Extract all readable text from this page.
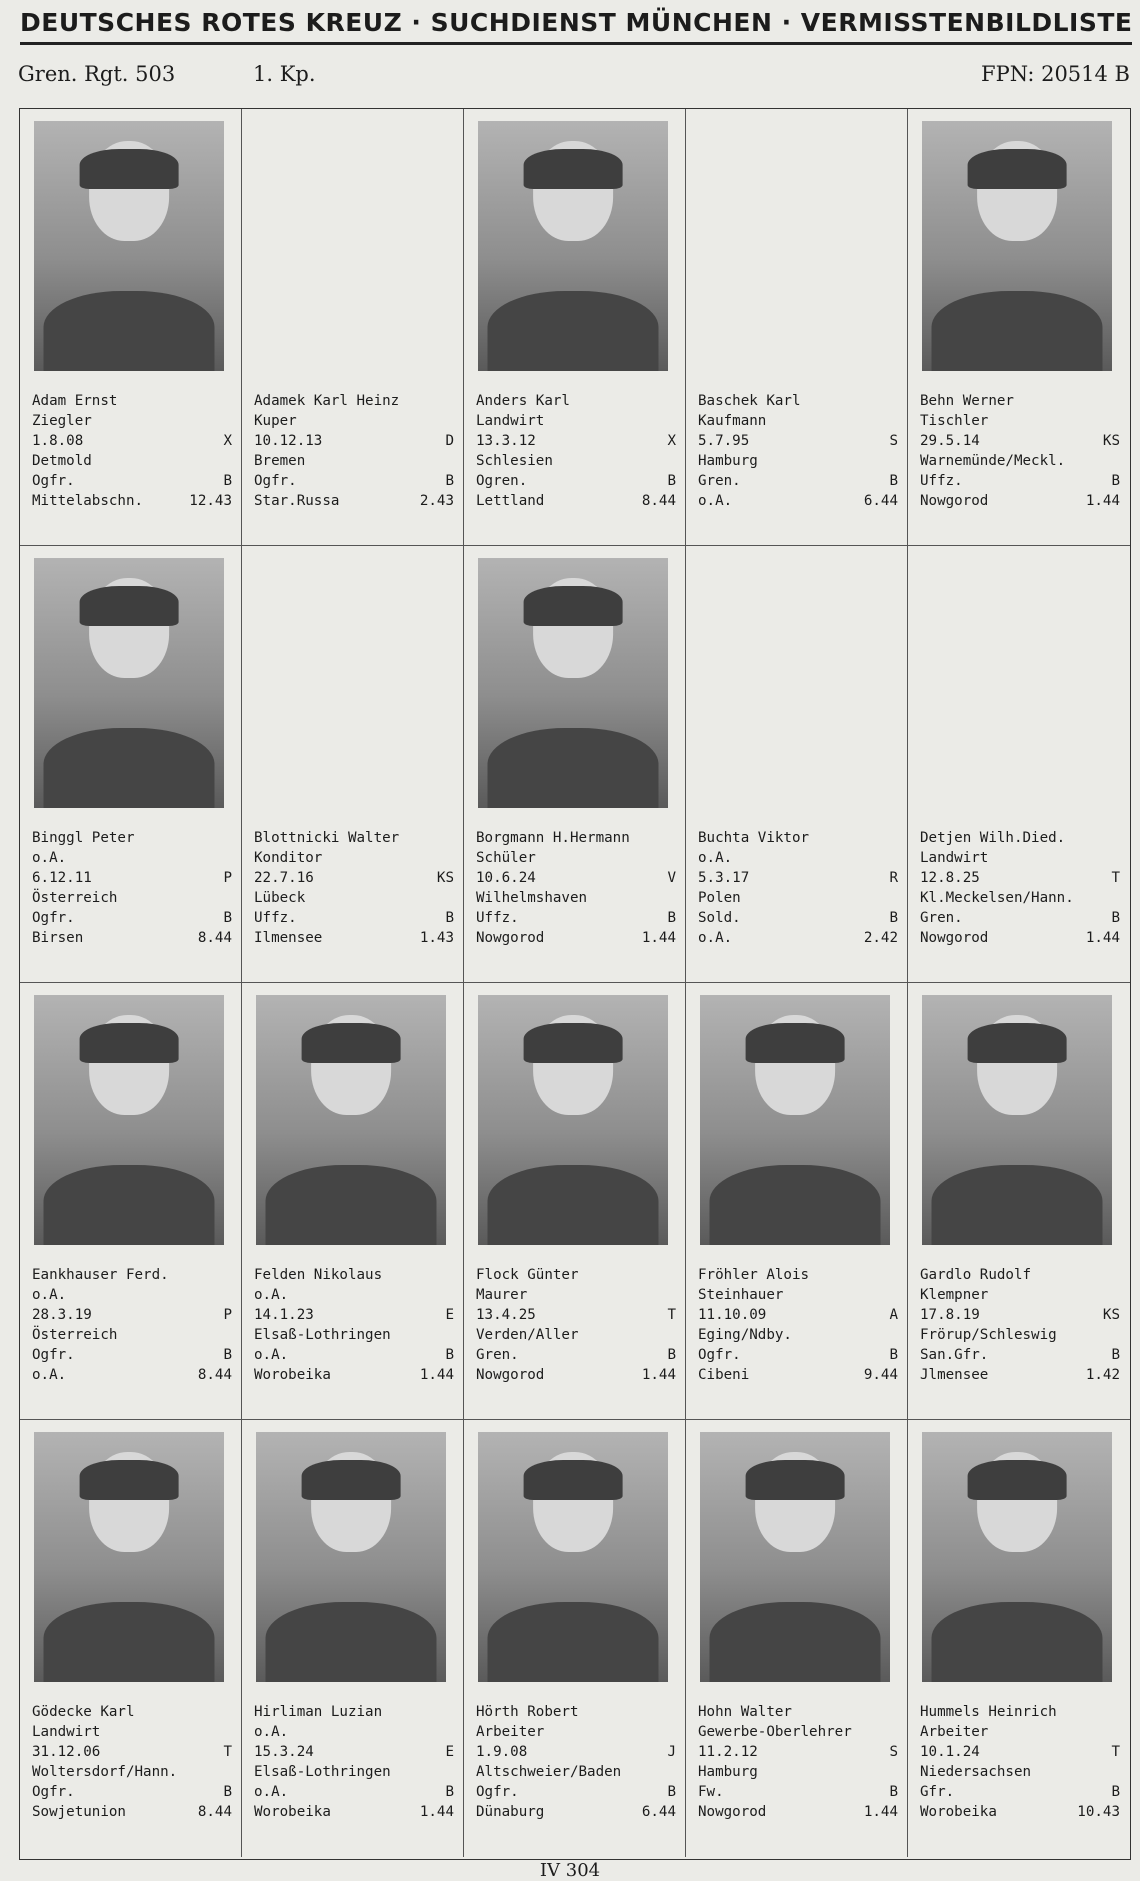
DEUTSCHES ROTES KREUZ · SUCHDIENST MÜNCHEN · VERMISSTENBILDLISTE
Gren. Rgt. 503	1. Kp.	FPN: 20514 B
Adam Ernst
Ziegler
1.8.08	X
Detmold
Ogfr.	B
Mittelabschn.	12.43
Adamek Karl Heinz
Kuper
10.12.13	D
Bremen
Ogfr.	B
Star.Russa	2.43
Anders Karl
Landwirt
13.3.12	X
Schlesien
Ogren.	B
Lettland	8.44
Baschek Karl
Kaufmann
5.7.95	S
Hamburg
Gren.	B
o.A.	6.44
Behn Werner
Tischler
29.5.14	KS
Warnemünde/Meckl.
Uffz.	B
Nowgorod	1.44
Binggl Peter
o.A.
6.12.11	P
Österreich
Ogfr.	B
Birsen	8.44
Blottnicki Walter
Konditor
22.7.16	KS
Lübeck
Uffz.	B
Ilmensee	1.43
Borgmann H.Hermann
Schüler
10.6.24	V
Wilhelmshaven
Uffz.	B
Nowgorod	1.44
Buchta Viktor
o.A.
5.3.17	R
Polen
Sold.	B
o.A.	2.42
Detjen Wilh.Died.
Landwirt
12.8.25	T
Kl.Meckelsen/Hann.
Gren.	B
Nowgorod	1.44
Eankhauser Ferd.
o.A.
28.3.19	P
Österreich
Ogfr.	B
o.A.	8.44
Felden Nikolaus
o.A.
14.1.23	E
Elsaß-Lothringen
o.A.	B
Worobeika	1.44
Flock Günter
Maurer
13.4.25	T
Verden/Aller
Gren.	B
Nowgorod	1.44
Fröhler Alois
Steinhauer
11.10.09	A
Eging/Ndby.
Ogfr.	B
Cibeni	9.44
Gardlo Rudolf
Klempner
17.8.19	KS
Frörup/Schleswig
San.Gfr.	B
Jlmensee	1.42
Gödecke Karl
Landwirt
31.12.06	T
Woltersdorf/Hann.
Ogfr.	B
Sowjetunion	8.44
Hirliman Luzian
o.A.
15.3.24	E
Elsaß-Lothringen
o.A.	B
Worobeika	1.44
Hörth Robert
Arbeiter
1.9.08	J
Altschweier/Baden
Ogfr.	B
Dünaburg	6.44
Hohn Walter
Gewerbe-Oberlehrer
11.2.12	S
Hamburg
Fw.	B
Nowgorod	1.44
Hummels Heinrich
Arbeiter
10.1.24	T
Niedersachsen
Gfr.	B
Worobeika	10.43
IV 304
